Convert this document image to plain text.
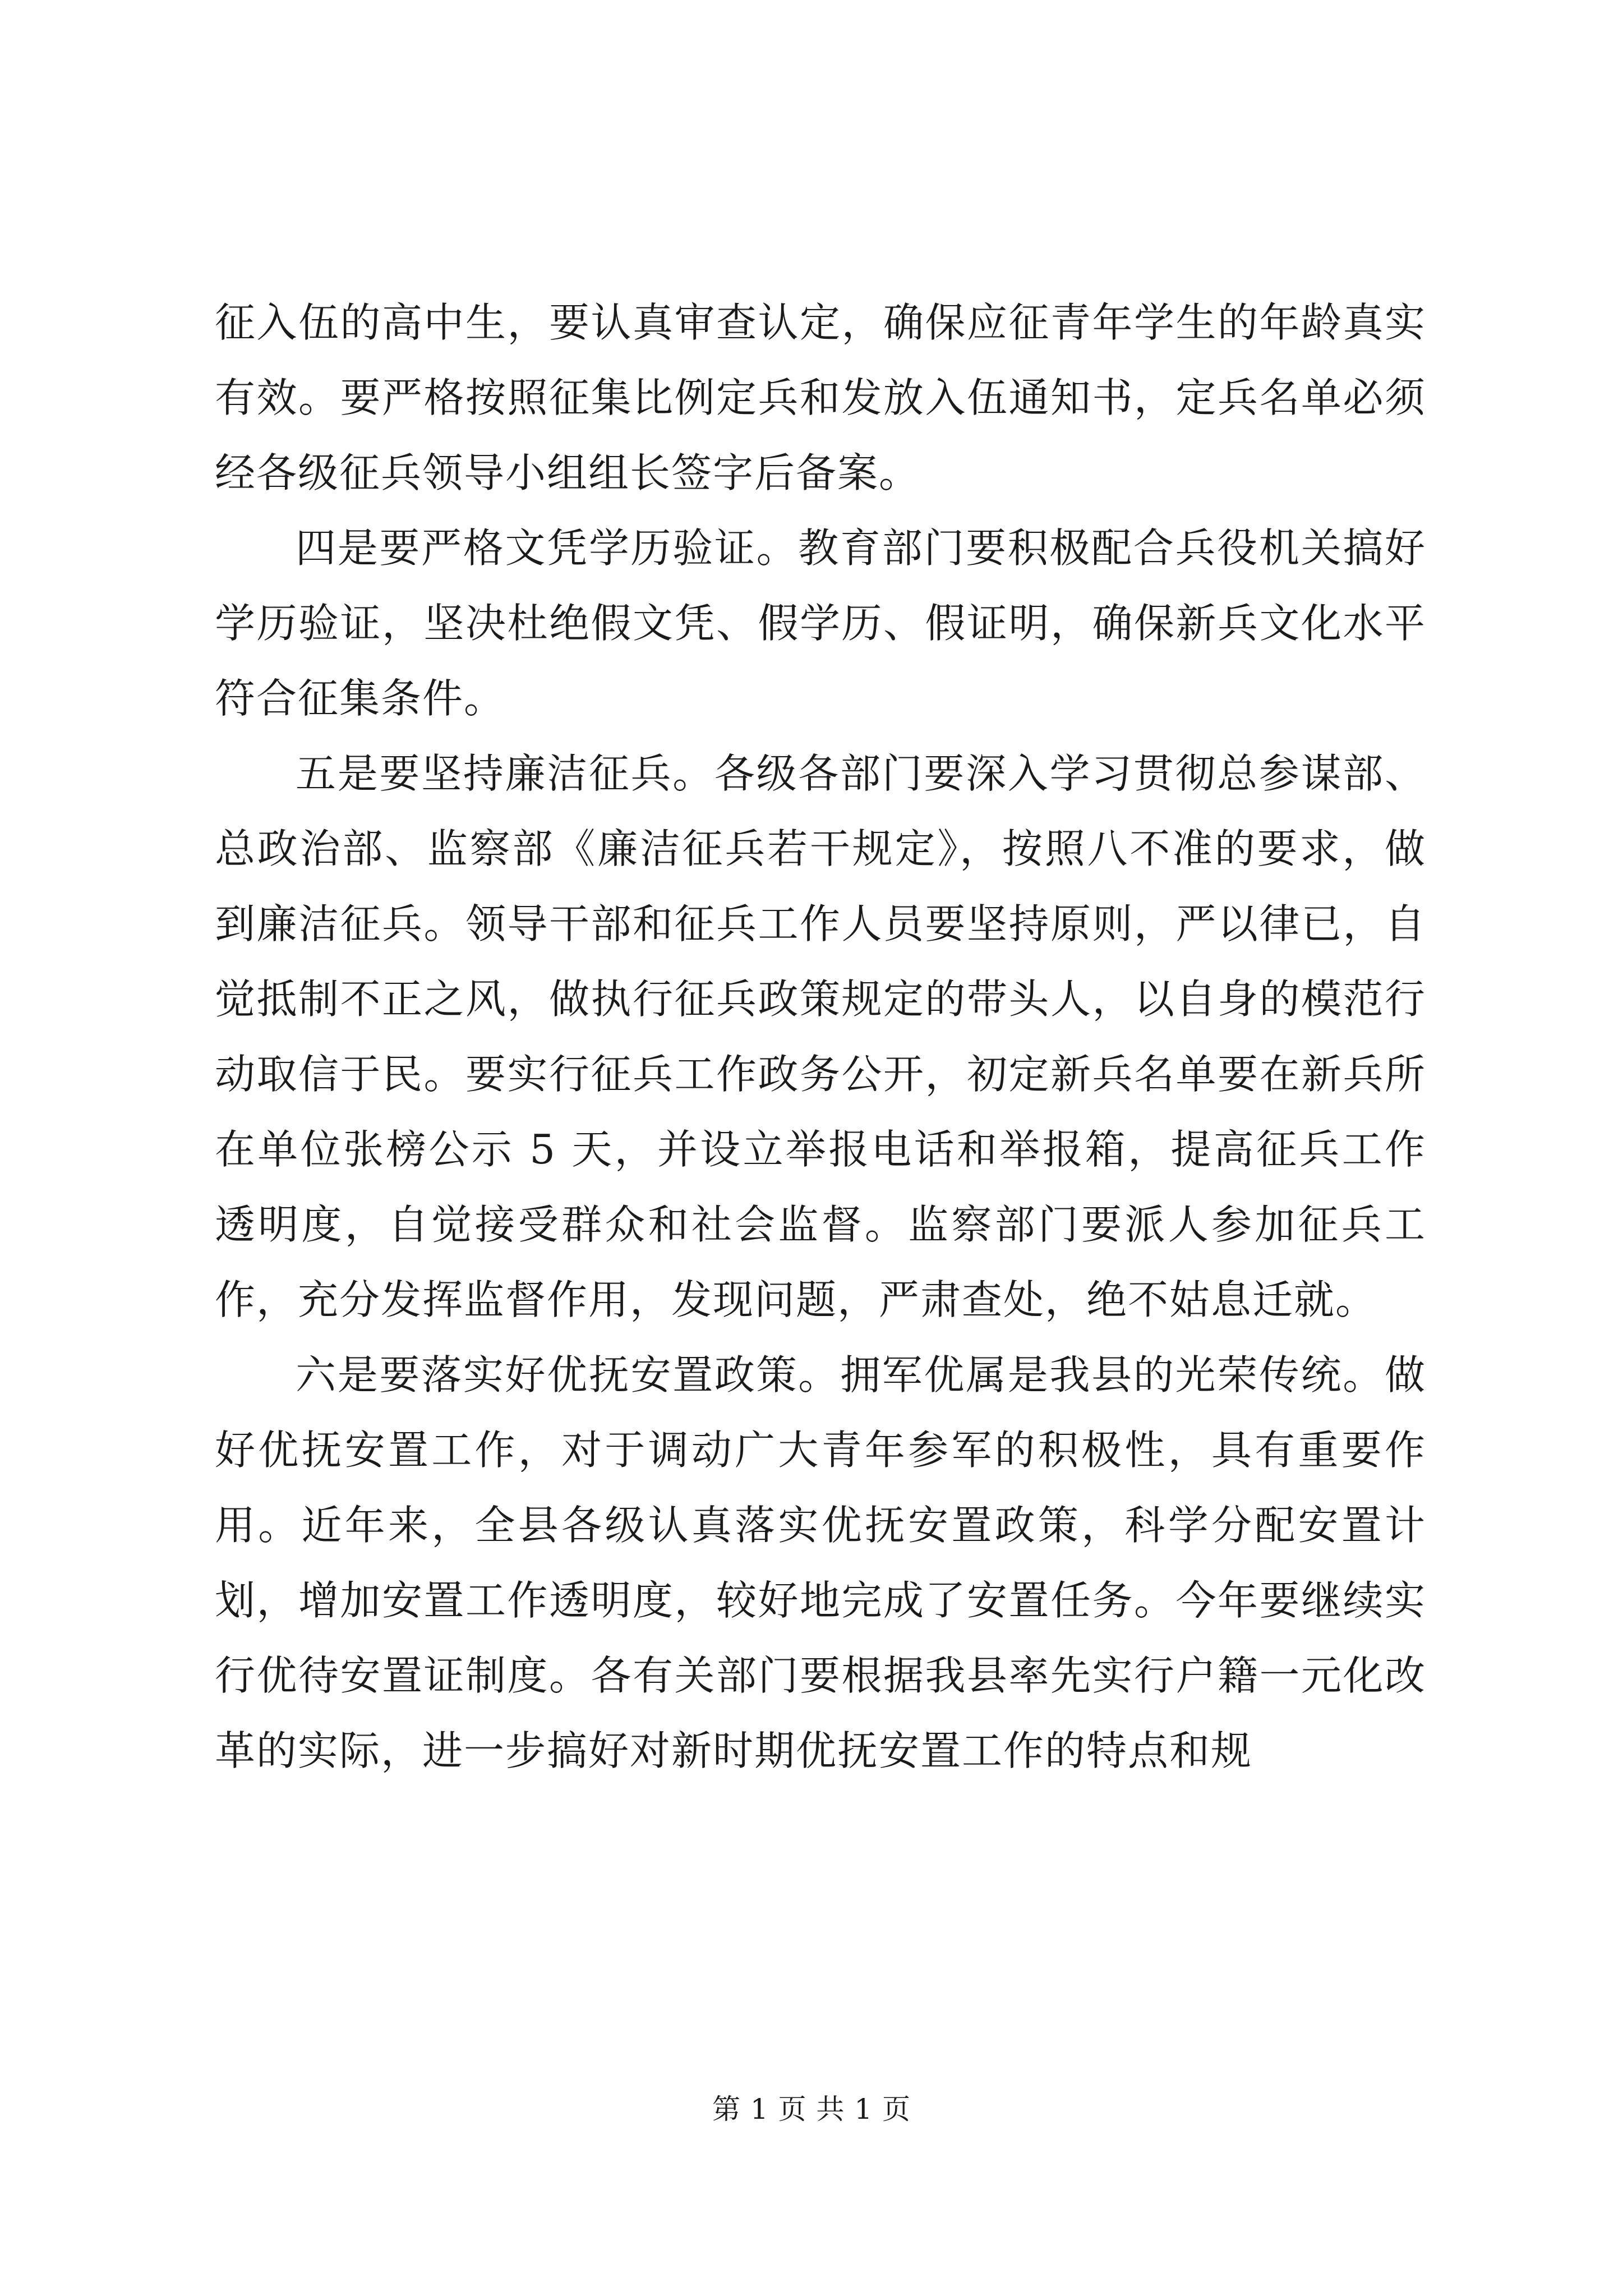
征入伍的高中生，要认真审查认定，确保应征青年学生的年龄真实有效。要严格按照征集比例定兵和发放入伍通知书，定兵名单必须经各级征兵领导小组组长签字后备案。

四是要严格文凭学历验证。教育部门要积极配合兵役机关搞好学历验证，坚决杜绝假文凭、假学历、假证明，确保新兵文化水平符合征集条件。

五是要坚持廉洁征兵。各级各部门要深入学习贯彻总参谋部、总政治部、监察部《廉洁征兵若干规定》，按照八不准的要求，做到廉洁征兵。领导干部和征兵工作人员要坚持原则，严以律已，自觉抵制不正之风，做执行征兵政策规定的带头人，以自身的模范行动取信于民。要实行征兵工作政务公开，初定新兵名单要在新兵所在单位张榜公示 5 天，并设立举报电话和举报箱，提高征兵工作透明度，自觉接受群众和社会监督。监察部门要派人参加征兵工作，充分发挥监督作用，发现问题，严肃查处，绝不姑息迁就。

六是要落实好优抚安置政策。拥军优属是我县的光荣传统。做好优抚安置工作，对于调动广大青年参军的积极性，具有重要作用。近年来，全县各级认真落实优抚安置政策，科学分配安置计划，增加安置工作透明度，较好地完成了安置任务。今年要继续实行优待安置证制度。各有关部门要根据我县率先实行户籍一元化改革的实际，进一步搞好对新时期优抚安置工作的特点和规

第 1 页 共 1 页
